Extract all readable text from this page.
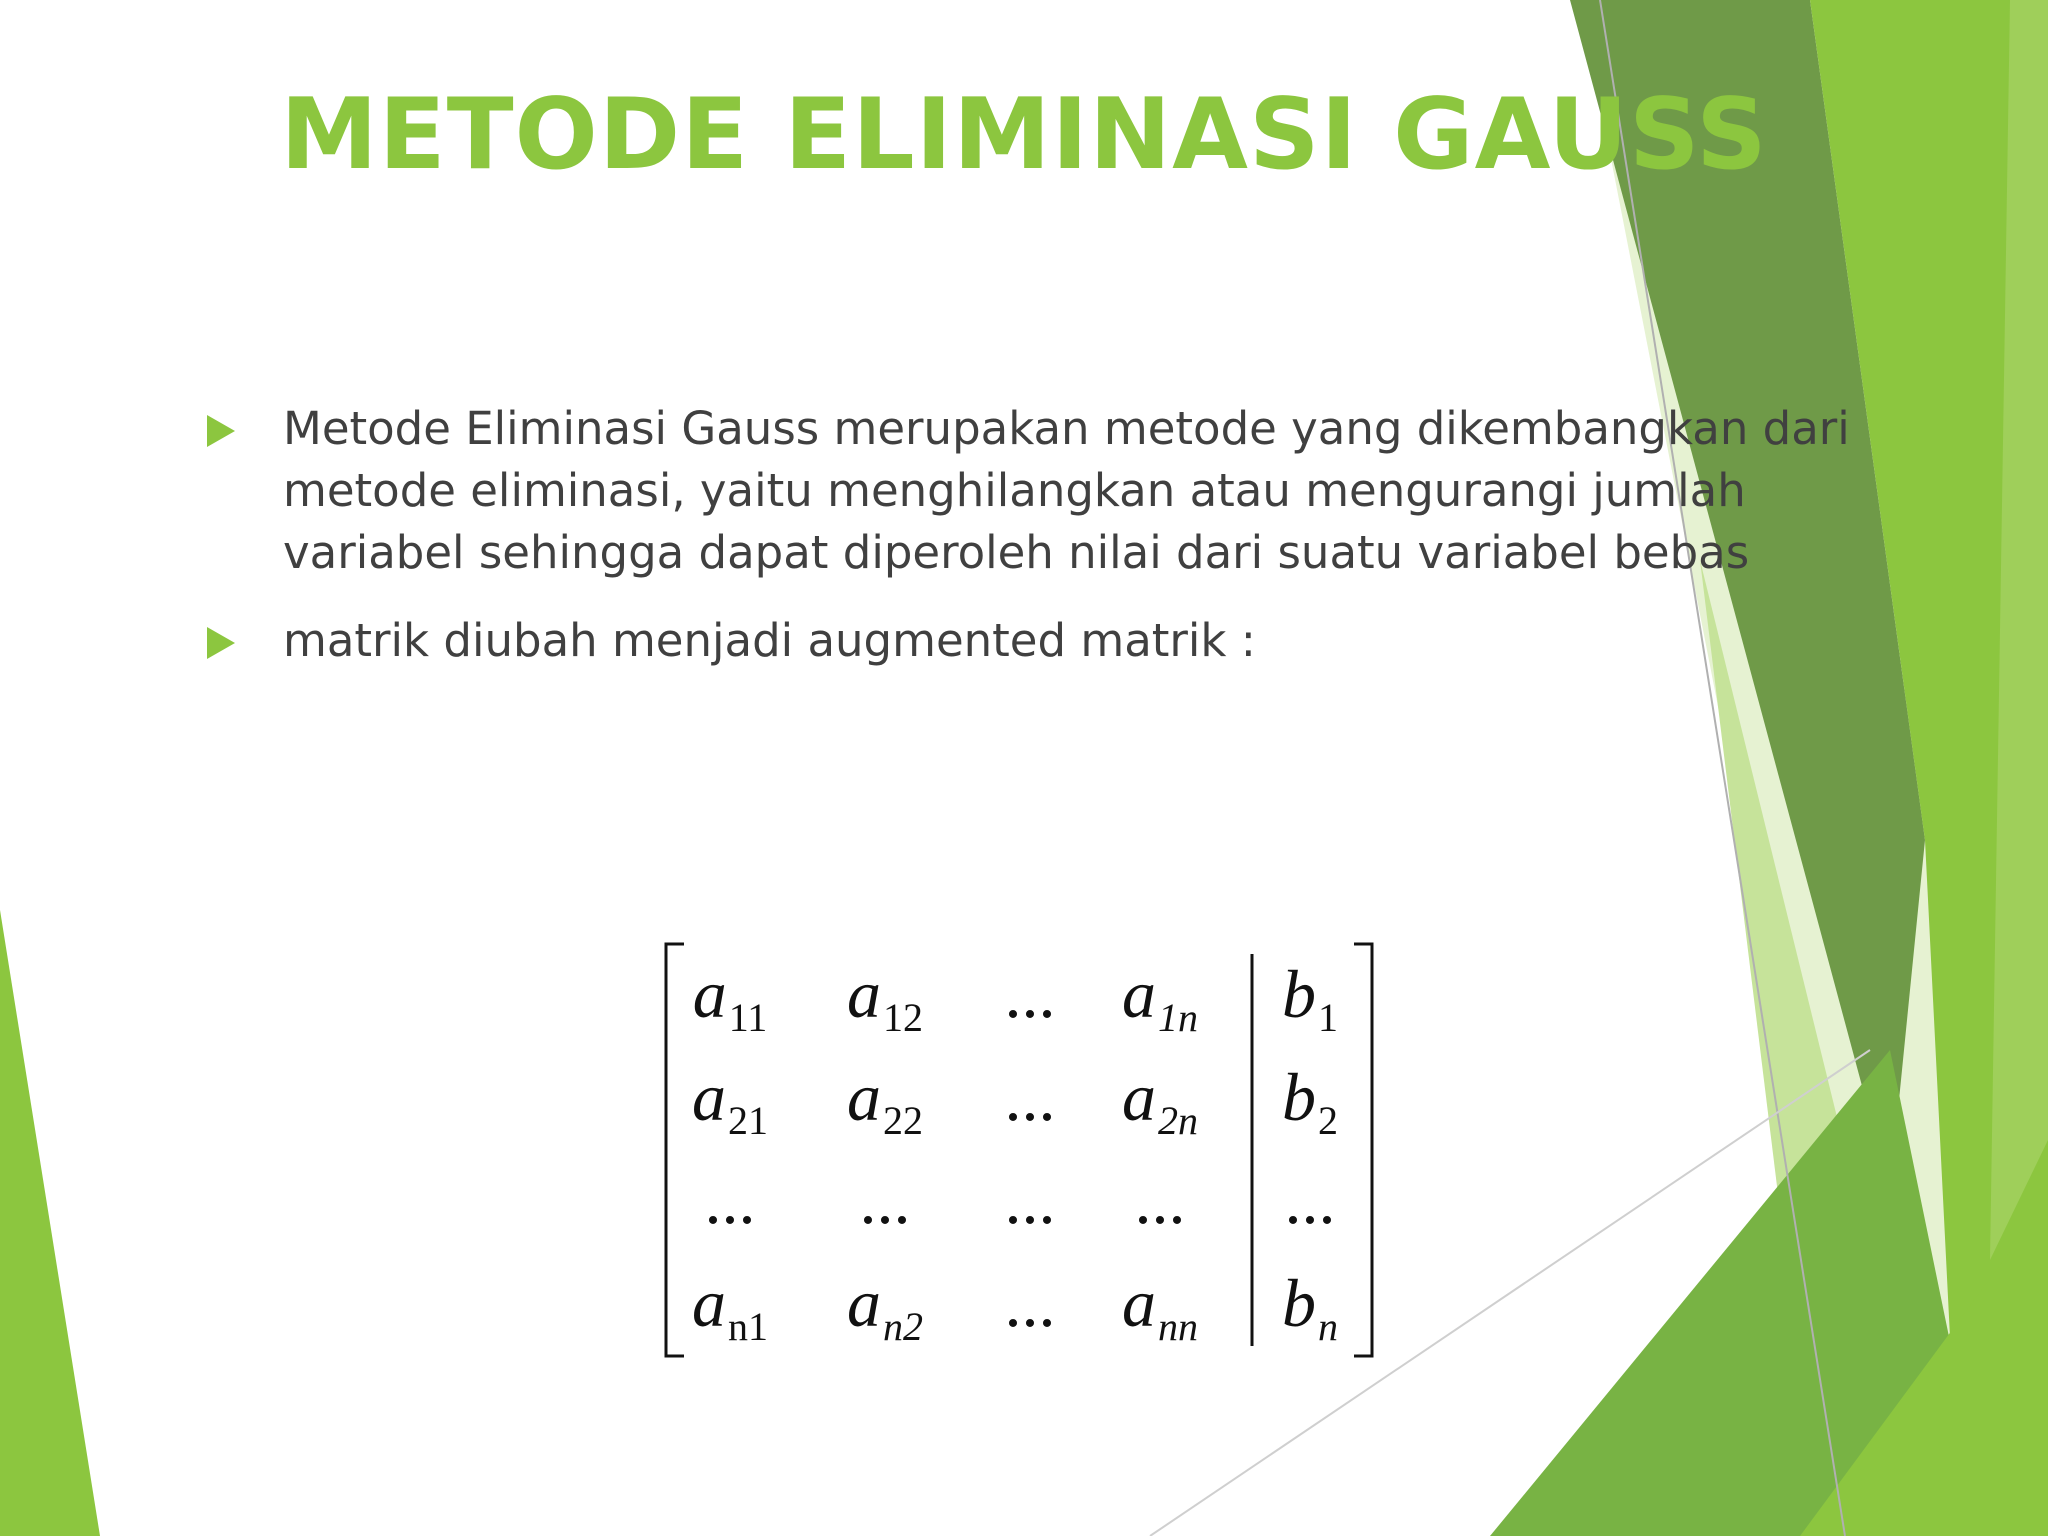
METODE ELIMINASI GAUSS
Metode Eliminasi Gauss merupakan metode yang dikembangkan dari metode eliminasi, yaitu menghilangkan atau mengurangi jumlah variabel sehingga dapat diperoleh nilai dari suatu variabel bebas
matrik diubah menjadi augmented matrik :
$a_{11}$	$a_{12}$	... $a_{1n}$	$b_1$
$a_{21}$	$a_{22}$	... $a_{2n}$	$b_2$
...	...	...	...	...
$a_{n1}$	$a_{n2}$	... $a_{nn}$	$b_n$
